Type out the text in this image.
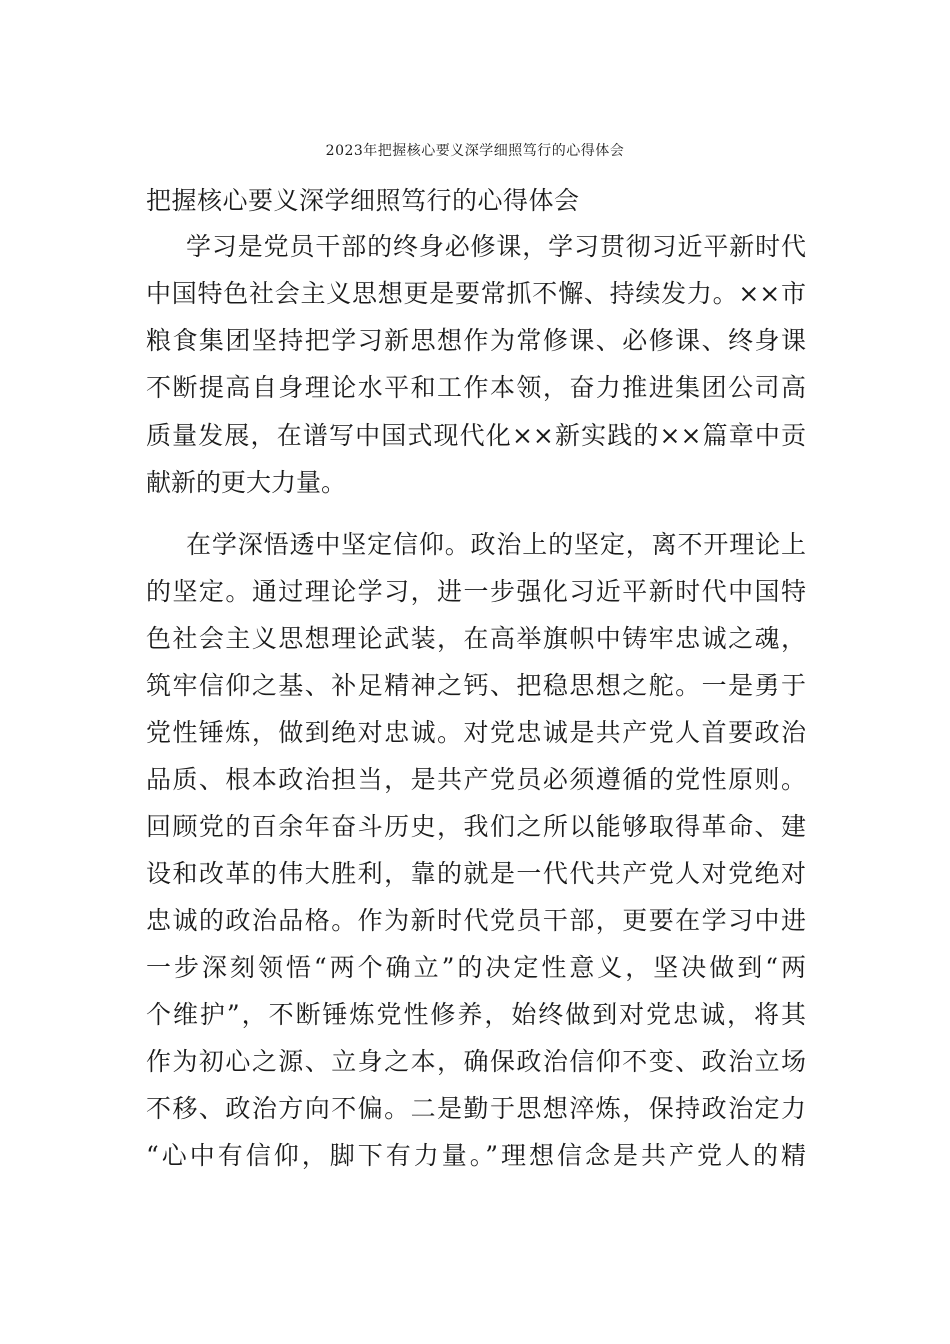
2023年把握核心要义深学细照笃行的心得体会
把握核心要义深学细照笃行的心得体会
学习是党员干部的终身必修课，学习贯彻习近平新时代
中国特色社会主义思想更是要常抓不懈、持续发力。××市
粮食集团坚持把学习新思想作为常修课、必修课、终身课
不断提高自身理论水平和工作本领，奋力推进集团公司高
质量发展，在谱写中国式现代化××新实践的××篇章中贡
献新的更大力量。
在学深悟透中坚定信仰。政治上的坚定，离不开理论上
的坚定。通过理论学习，进一步强化习近平新时代中国特
色社会主义思想理论武装，在高举旗帜中铸牢忠诚之魂，
筑牢信仰之基、补足精神之钙、把稳思想之舵。一是勇于
党性锤炼，做到绝对忠诚。对党忠诚是共产党人首要政治
品质、根本政治担当，是共产党员必须遵循的党性原则。
回顾党的百余年奋斗历史，我们之所以能够取得革命、建
设和改革的伟大胜利，靠的就是一代代共产党人对党绝对
忠诚的政治品格。作为新时代党员干部，更要在学习中进
一步深刻领悟“两个确立”的决定性意义，坚决做到“两
个维护”，不断锤炼党性修养，始终做到对党忠诚，将其
作为初心之源、立身之本，确保政治信仰不变、政治立场
不移、政治方向不偏。二是勤于思想淬炼，保持政治定力
“心中有信仰，脚下有力量。”理想信念是共产党人的精
